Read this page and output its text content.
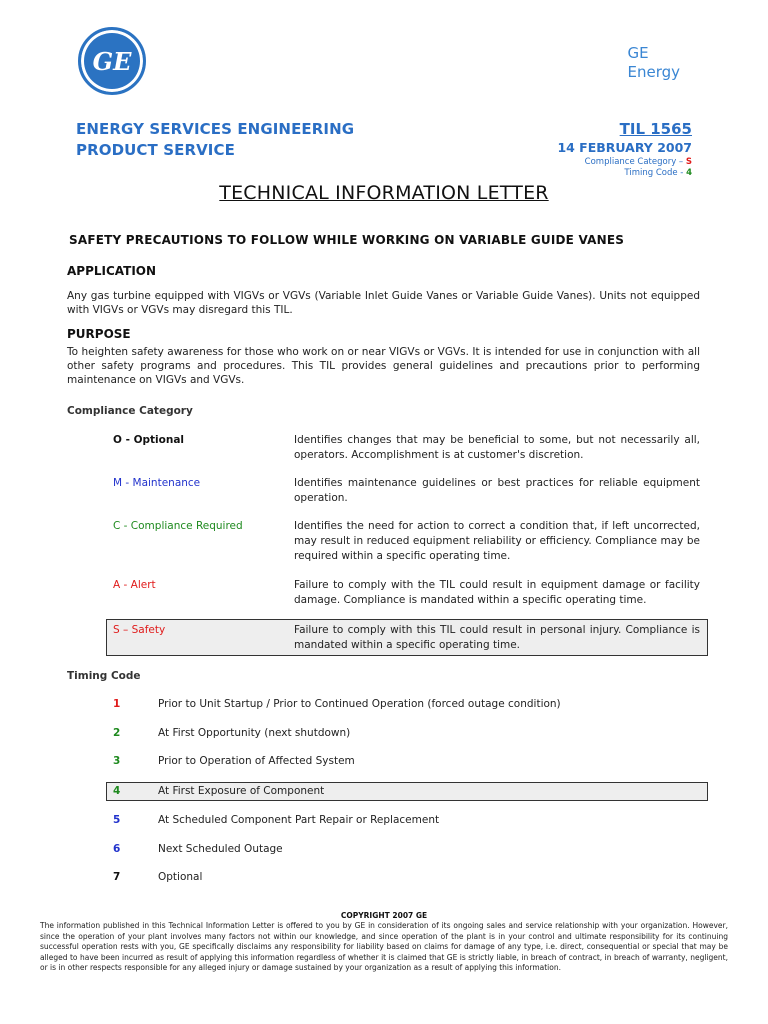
GE	GE
Energy
ENERGY SERVICES ENGINEERING
PRODUCT SERVICE
TIL 1565
14 FEBRUARY 2007
Compliance Category – S
Timing Code - 4
TECHNICAL INFORMATION LETTER
SAFETY PRECAUTIONS TO FOLLOW WHILE WORKING ON VARIABLE GUIDE VANES
APPLICATION
Any gas turbine equipped with VIGVs or VGVs (Variable Inlet Guide Vanes or Variable Guide Vanes). Units not equipped with VIGVs or VGVs may disregard this TIL.
PURPOSE
To heighten safety awareness for those who work on or near VIGVs or VGVs. It is intended for use in conjunction with all other safety programs and procedures. This TIL provides general guidelines and precautions prior to performing maintenance on VIGVs and VGVs.
Compliance Category
O - Optional	Identifies changes that may be beneficial to some, but not necessarily all, operators. Accomplishment is at customer's discretion.
M - Maintenance	Identifies maintenance guidelines or best practices for reliable equipment operation.
C - Compliance Required	Identifies the need for action to correct a condition that, if left uncorrected, may result in reduced equipment reliability or efficiency. Compliance may be required within a specific operating time.
A - Alert	Failure to comply with the TIL could result in equipment damage or facility damage. Compliance is mandated within a specific operating time.
S – Safety	Failure to comply with this TIL could result in personal injury. Compliance is mandated within a specific operating time.
Timing Code
1	Prior to Unit Startup / Prior to Continued Operation (forced outage condition)
2	At First Opportunity (next shutdown)
3	Prior to Operation of Affected System
4	At First Exposure of Component
5	At Scheduled Component Part Repair or Replacement
6	Next Scheduled Outage
7	Optional
COPYRIGHT 2007 GE
The information published in this Technical Information Letter is offered to you by GE in consideration of its ongoing sales and service relationship with your organization. However, since the operation of your plant involves many factors not within our knowledge, and since operation of the plant is in your control and ultimate responsibility for its continuing successful operation rests with you, GE specifically disclaims any responsibility for liability based on claims for damage of any type, i.e. direct, consequential or special that may be alleged to have been incurred as result of applying this information regardless of whether it is claimed that GE is strictly liable, in breach of contract, in breach of warranty, negligent, or is in other respects responsible for any alleged injury or damage sustained by your organization as a result of applying this information.
